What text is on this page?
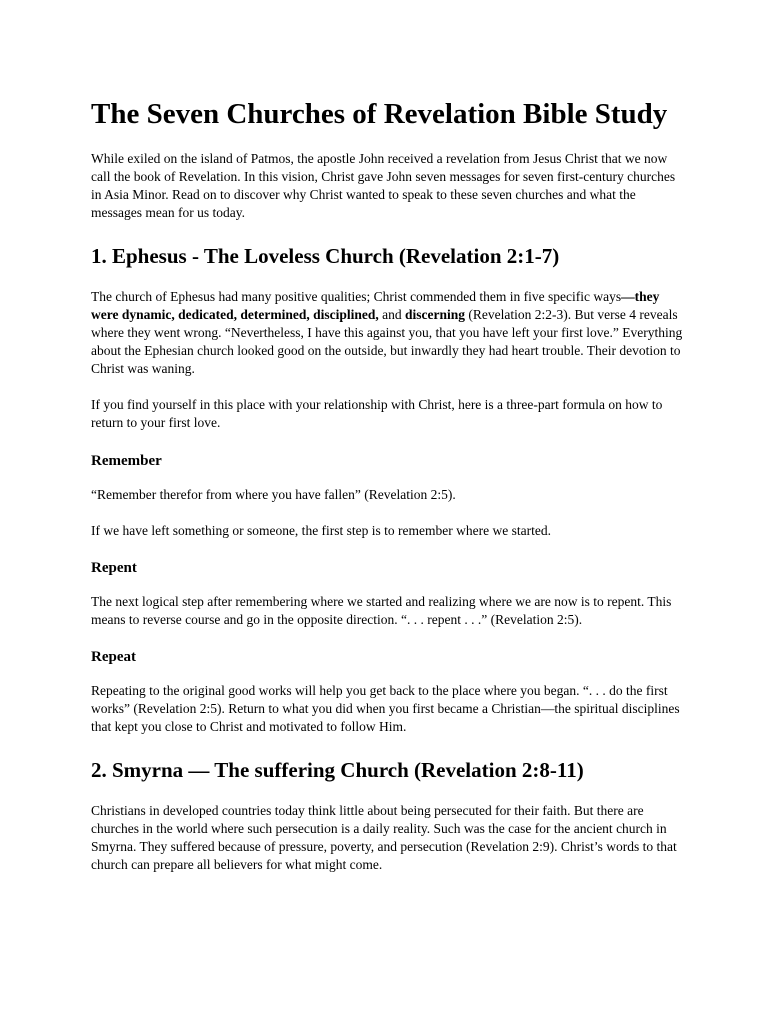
The Seven Churches of Revelation Bible Study

While exiled on the island of Patmos, the apostle John received a revelation from Jesus Christ that we now call the book of Revelation. In this vision, Christ gave John seven messages for seven first-century churches in Asia Minor. Read on to discover why Christ wanted to speak to these seven churches and what the messages mean for us today.

1. Ephesus - The Loveless Church (Revelation 2:1-7)

The church of Ephesus had many positive qualities; Christ commended them in five specific ways—they were dynamic, dedicated, determined, disciplined, and discerning (Revelation 2:2-3). But verse 4 reveals where they went wrong. “Nevertheless, I have this against you, that you have left your first love.” Everything about the Ephesian church looked good on the outside, but inwardly they had heart trouble. Their devotion to Christ was waning.

If you find yourself in this place with your relationship with Christ, here is a three-part formula on how to return to your first love.

Remember

“Remember therefor from where you have fallen” (Revelation 2:5).

If we have left something or someone, the first step is to remember where we started.

Repent

The next logical step after remembering where we started and realizing where we are now is to repent. This means to reverse course and go in the opposite direction. “. . . repent . . .” (Revelation 2:5).

Repeat

Repeating to the original good works will help you get back to the place where you began. “. . . do the first works” (Revelation 2:5). Return to what you did when you first became a Christian—the spiritual disciplines that kept you close to Christ and motivated to follow Him.

2. Smyrna — The suffering Church (Revelation 2:8-11)

Christians in developed countries today think little about being persecuted for their faith. But there are churches in the world where such persecution is a daily reality. Such was the case for the ancient church in Smyrna. They suffered because of pressure, poverty, and persecution (Revelation 2:9). Christ’s words to that church can prepare all believers for what might come.
